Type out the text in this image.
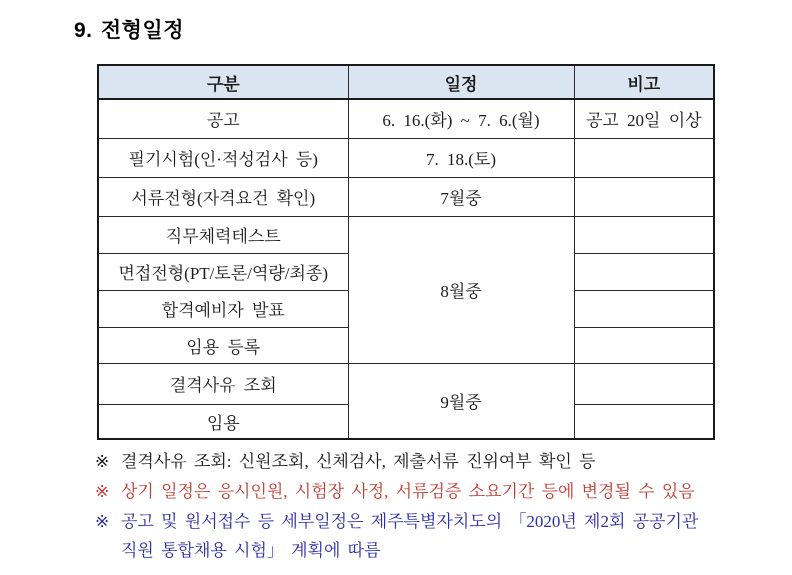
9. 전형일정
구분	일정	비고
공고	6. 16.(화) ~ 7. 6.(월)	공고 20일 이상
필기시험(인·적성검사 등)	7. 18.(토)	
서류전형(자격요건 확인)	7월중	
직무체력테스트	8월중	
면접전형(PT/토론/역량/최종)		
합격예비자 발표		
임용 등록		
결격사유 조회	9월중	
임용		
※ 결격사유 조회: 신원조회, 신체검사, 제출서류 진위여부 확인 등
※ 상기 일정은 응시인원, 시험장 사정, 서류검증 소요기간 등에 변경될 수 있음
※ 공고 및 원서접수 등 세부일정은 제주특별자치도의 「2020년 제2회 공공기관 직원 통합채용 시험」 계획에 따름
